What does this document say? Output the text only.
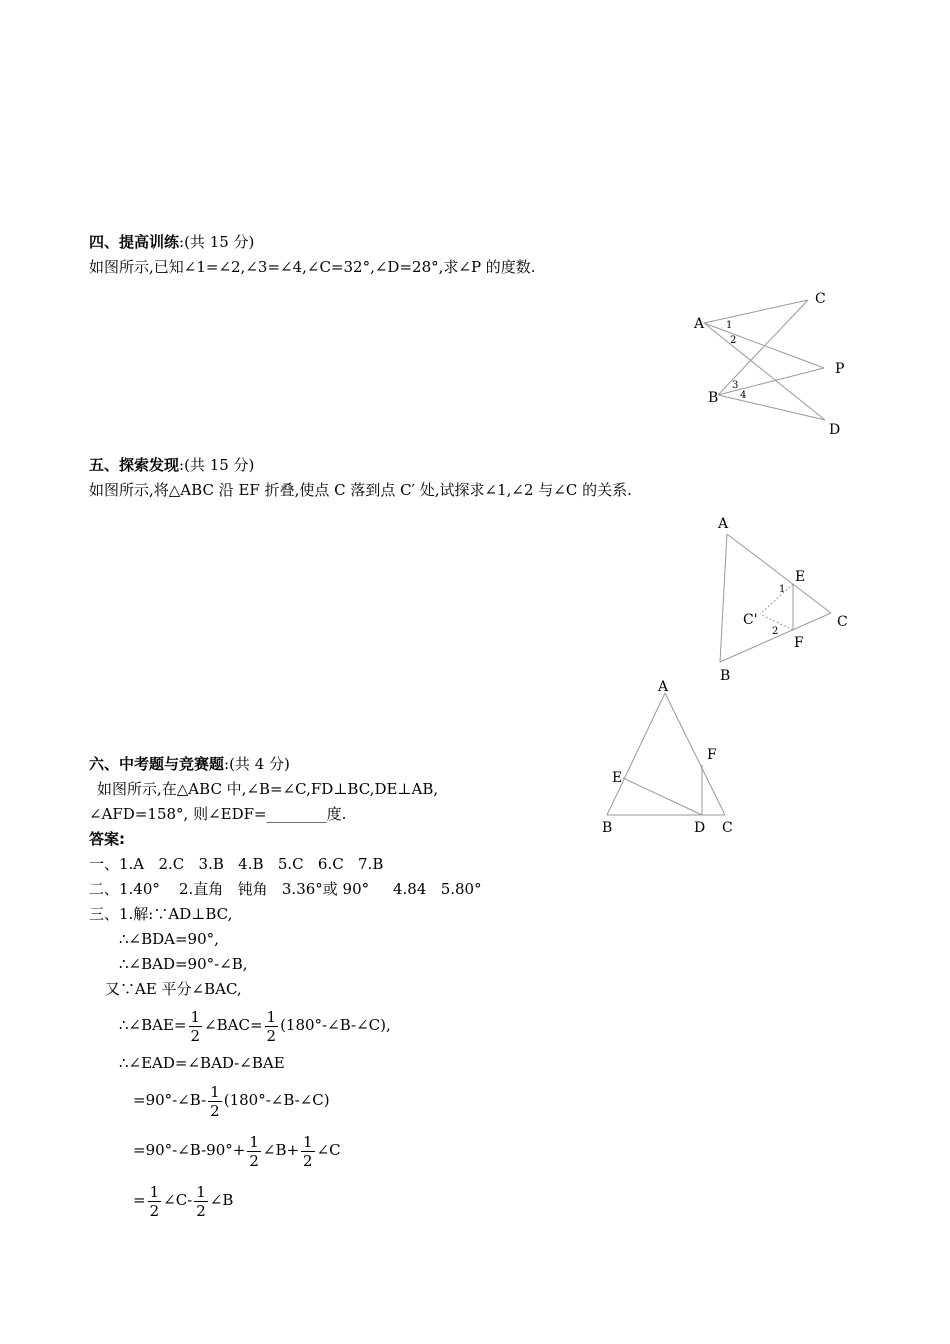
四、提高训练:(共 15 分)
如图所示,已知∠1=∠2,∠3=∠4,∠C=32°,∠D=28°,求∠P 的度数.
A
C
P
B
D
1
2
3
4
五、探索发现:(共 15 分)
如图所示,将△ABC 沿 EF 折叠,使点 C 落到点 C′ 处,试探求∠1,∠2 与∠C 的关系.
A
B
C
E
F
C'
1
2
A
B	C
D
E
F
六、中考题与竞赛题:(共 4 分)
如图所示,在△ABC 中,∠B=∠C,FD⊥BC,DE⊥AB,
∠AFD=158°, 则∠EDF=________度.
答案:
一、1.A   2.C   3.B   4.B   5.C   6.C   7.B
二、1.40°    2.直角   钝角   3.36°或 90°     4.84   5.80°
三、1.解:∵AD⊥BC,
∴∠BDA=90°,
∴∠BAD=90°-∠B,
又∵AE 平分∠BAC,
∴∠BAE= $\frac{1}{2}$ ∠BAC= $\frac{1}{2}$ (180°-∠B-∠C),
∴∠EAD=∠BAD-∠BAE
=90°-∠B- $\frac{1}{2}$ (180°-∠B-∠C)
=90°-∠B-90°+ $\frac{1}{2}$ ∠B+ $\frac{1}{2}$ ∠C
= $\frac{1}{2}$ ∠C- $\frac{1}{2}$ ∠B
